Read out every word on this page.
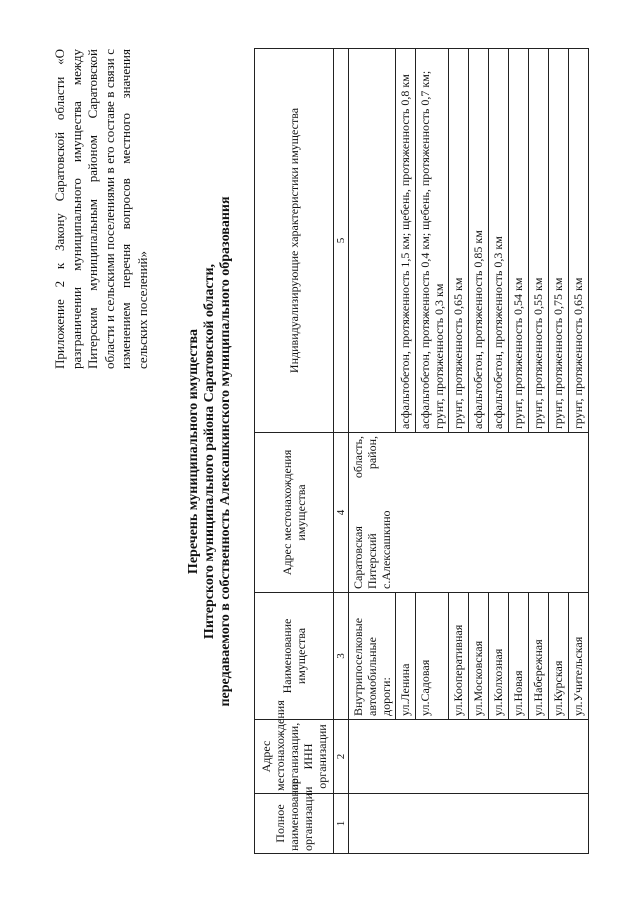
Приложение 2 к Закону Саратовской области «О разграничении муниципального имущества между Питерским муниципальным районом Саратовской области и сельскими поселениями в его составе в связи с изменением перечня вопросов местного значения сельских поселений»
Перечень муниципального имущества Питерского муниципального района Саратовской области, передаваемого в собственность Алексашкинского муниципального образования
Полное наименование организации	Адрес местонахождения организации, ИНН организации	Наименование имущества	Адрес местонахождения имущества	Индивидуализирующие характеристики имущества
1	2	3	4	5
		Внутрипоселковые автомобильные дороги:	Саратовская область, Питерский район, с.Алексашкино	
		ул.Ленина		асфальтобетон, протяженность 1,5 км; щебень, протяженность 0,8 км
		ул.Садовая		асфальтобетон, протяженность 0,4 км; щебень, протяженность 0,7 км; грунт, протяженность 0,3 км
		ул.Кооперативная		грунт, протяженность 0,65 км
		ул.Московская		асфальтобетон, протяженность 0,85 км
		ул.Колхозная		асфальтобетон, протяженность 0,3 км
		ул.Новая		грунт, протяженность 0,54 км
		ул.Набережная		грунт, протяженность 0,55 км
		ул.Курская		грунт, протяженность 0,75 км
		ул.Учительская		грунт, протяженность 0,65 км
